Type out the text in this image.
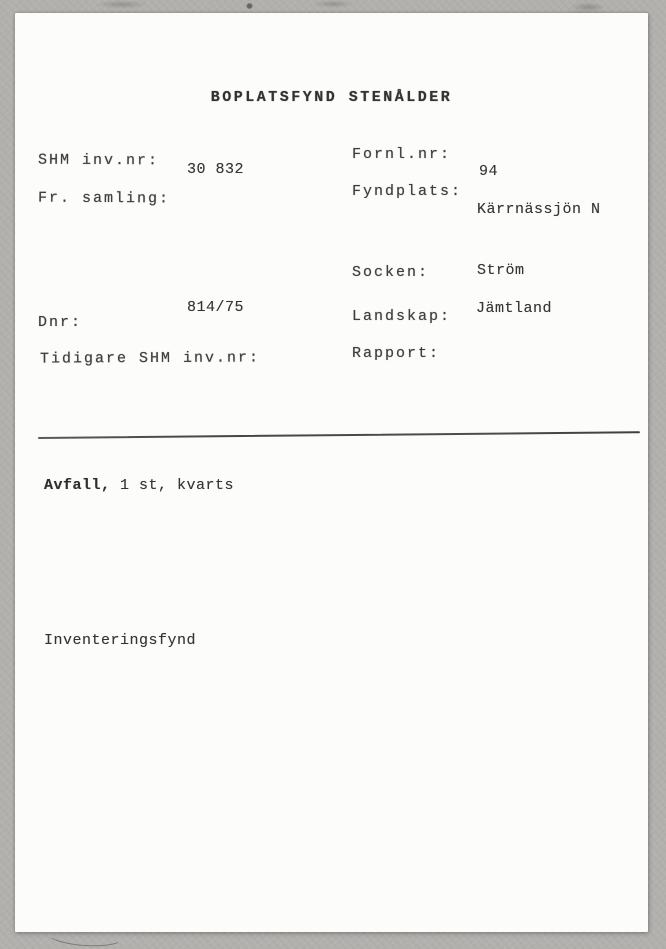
BOPLATSFYND STENÅLDER
SHM inv.nr:
30 832
Fr. samling:
814/75
Dnr:
Tidigare SHM inv.nr:
Fornl.nr:
94
Fyndplats:
Kärrnässjön N
Socken:	Ström
Landskap: Jämtland
Rapport:
Avfall, 1 st, kvarts
Inventeringsfynd
